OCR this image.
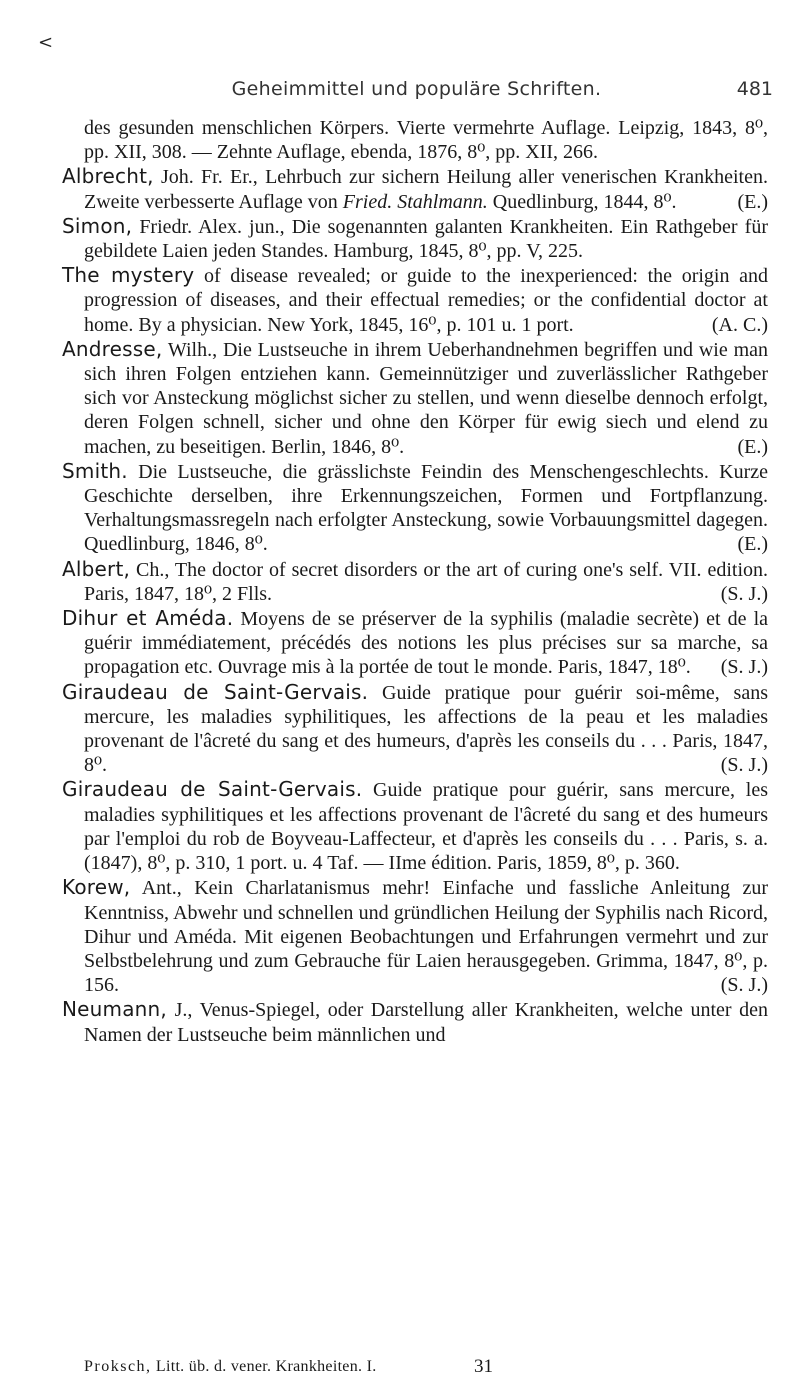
<
Geheimmittel und populäre Schriften.	481

des gesunden menschlichen Körpers. Vierte vermehrte Auflage. Leipzig, 1843, 8⁰, pp. XII, 308. — Zehnte Auflage, ebenda, 1876, 8⁰, pp. XII, 266.

Albrecht, Joh. Fr. Er., Lehrbuch zur sichern Heilung aller venerischen Krankheiten. Zweite verbesserte Auflage von Fried. Stahlmann. Quedlinburg, 1844, 8⁰.	(E.)

Simon, Friedr. Alex. jun., Die sogenannten galanten Krankheiten. Ein Rathgeber für gebildete Laien jeden Standes. Hamburg, 1845, 8⁰, pp. V, 225.

The mystery of disease revealed; or guide to the inexperienced: the origin and progression of diseases, and their effectual remedies; or the confidential doctor at home. By a physician. New York, 1845, 16⁰, p. 101 u. 1 port.	(A. C.)

Andresse, Wilh., Die Lustseuche in ihrem Ueberhandnehmen begriffen und wie man sich ihren Folgen entziehen kann. Gemeinnütziger und zuverlässlicher Rathgeber sich vor Ansteckung möglichst sicher zu stellen, und wenn dieselbe dennoch erfolgt, deren Folgen schnell, sicher und ohne den Körper für ewig siech und elend zu machen, zu beseitigen. Berlin, 1846, 8⁰.	(E.)

Smith. Die Lustseuche, die grässlichste Feindin des Menschengeschlechts. Kurze Geschichte derselben, ihre Erkennungszeichen, Formen und Fortpflanzung. Verhaltungsmassregeln nach erfolgter Ansteckung, sowie Vorbauungsmittel dagegen. Quedlinburg, 1846, 8⁰.	(E.)

Albert, Ch., The doctor of secret disorders or the art of curing one's self. VII. edition. Paris, 1847, 18⁰, 2 Flls.	(S. J.)

Dihur et Améda. Moyens de se préserver de la syphilis (maladie secrète) et de la guérir immédiatement, précédés des notions les plus précises sur sa marche, sa propagation etc. Ouvrage mis à la portée de tout le monde. Paris, 1847, 18⁰. (S. J.)

Giraudeau de Saint-Gervais. Guide pratique pour guérir soi-même, sans mercure, les maladies syphilitiques, les affections de la peau et les maladies provenant de l'âcreté du sang et des humeurs, d'après les conseils du . . . Paris, 1847, 8⁰.	(S. J.)

Giraudeau de Saint-Gervais. Guide pratique pour guérir, sans mercure, les maladies syphilitiques et les affections provenant de l'âcreté du sang et des humeurs par l'emploi du rob de Boyveau-Laffecteur, et d'après les conseils du . . . Paris, s. a. (1847), 8⁰, p. 310, 1 port. u. 4 Taf. — IIme édition. Paris, 1859, 8⁰, p. 360.

Korew, Ant., Kein Charlatanismus mehr! Einfache und fassliche Anleitung zur Kenntniss, Abwehr und schnellen und gründlichen Heilung der Syphilis nach Ricord, Dihur und Améda. Mit eigenen Beobachtungen und Erfahrungen vermehrt und zur Selbstbelehrung und zum Gebrauche für Laien herausgegeben. Grimma, 1847, 8⁰, p. 156.	(S. J.)

Neumann, J., Venus-Spiegel, oder Darstellung aller Krankheiten, welche unter den Namen der Lustseuche beim männlichen und

Proksch, Litt. üb. d. vener. Krankheiten. I.	31
